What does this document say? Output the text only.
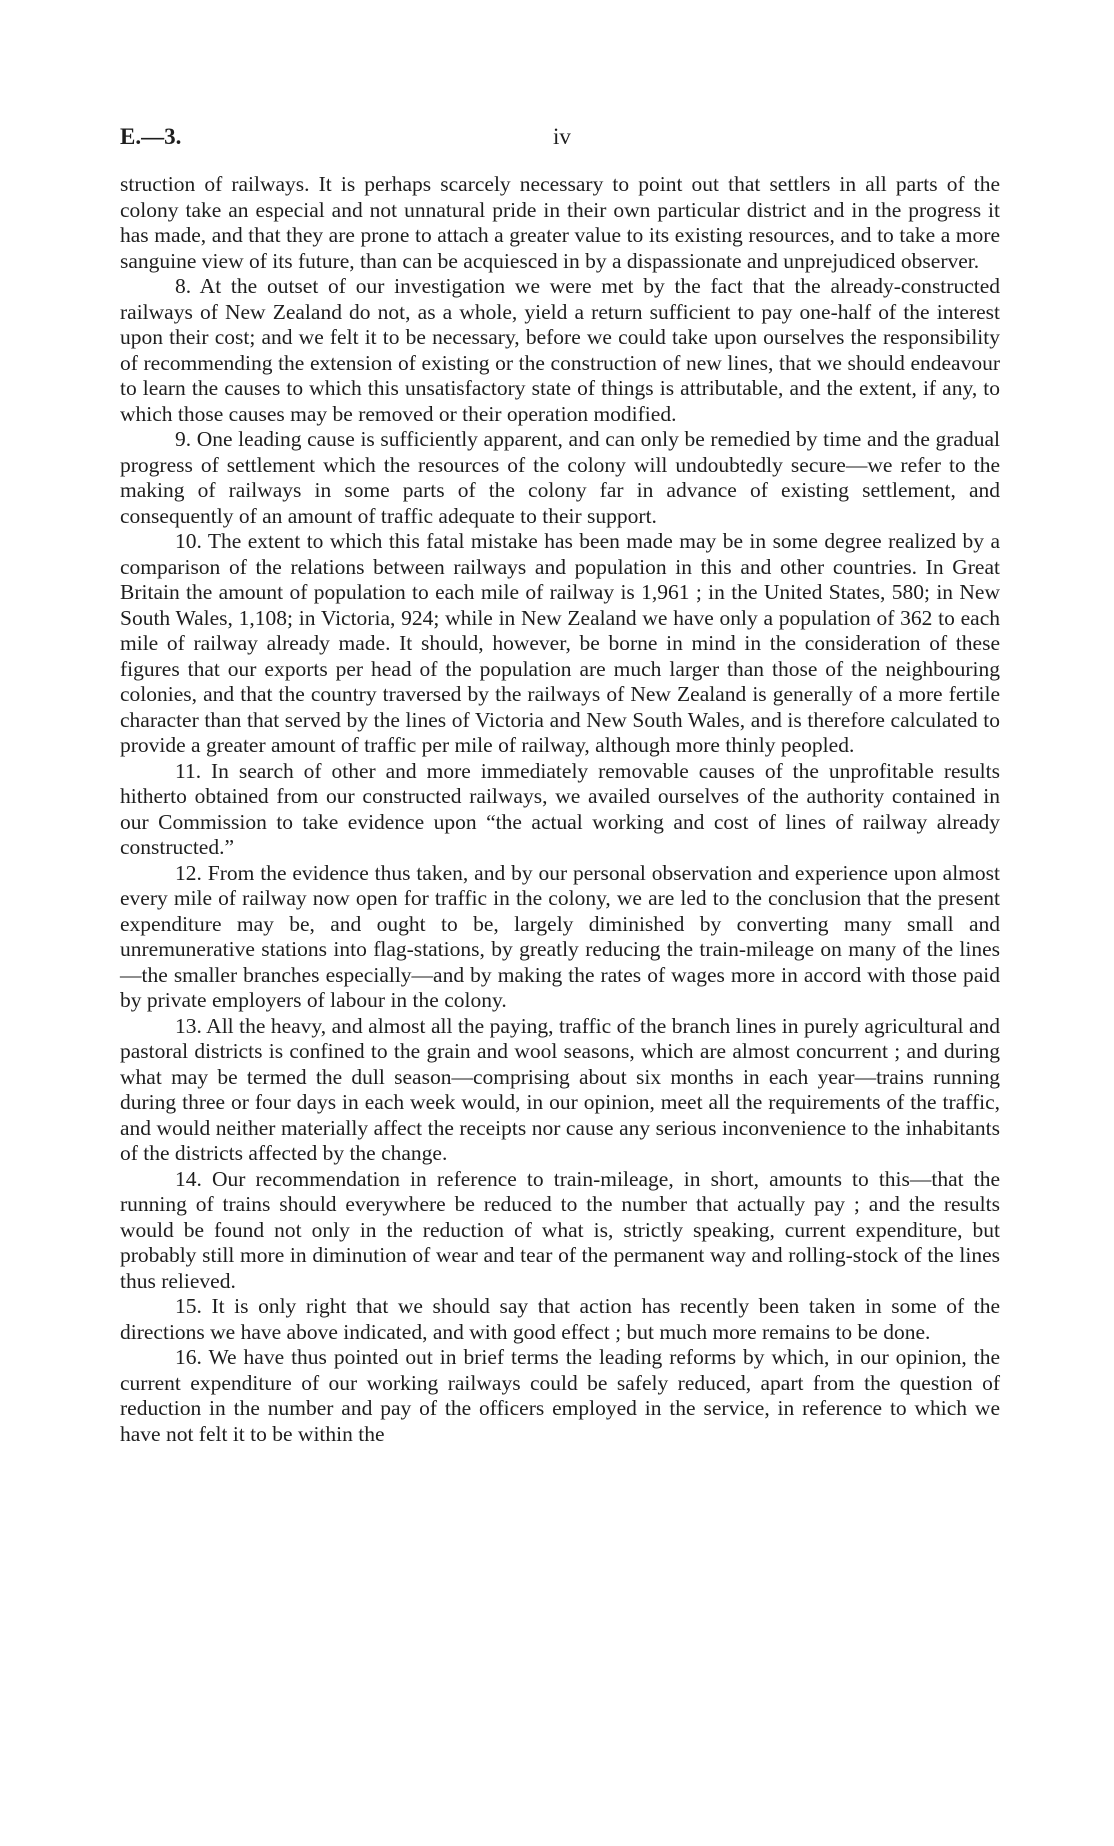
E.—3.	iv

struction of railways. It is perhaps scarcely necessary to point out that settlers in all parts of the colony take an especial and not unnatural pride in their own particular district and in the progress it has made, and that they are prone to attach a greater value to its existing resources, and to take a more sanguine view of its future, than can be acquiesced in by a dispassionate and unprejudiced observer.

8. At the outset of our investigation we were met by the fact that the already-constructed railways of New Zealand do not, as a whole, yield a return sufficient to pay one-half of the interest upon their cost; and we felt it to be necessary, before we could take upon ourselves the responsibility of recommending the extension of existing or the construction of new lines, that we should endeavour to learn the causes to which this unsatisfactory state of things is attributable, and the extent, if any, to which those causes may be removed or their operation modified.

9. One leading cause is sufficiently apparent, and can only be remedied by time and the gradual progress of settlement which the resources of the colony will undoubtedly secure—we refer to the making of railways in some parts of the colony far in advance of existing settlement, and consequently of an amount of traffic adequate to their support.

10. The extent to which this fatal mistake has been made may be in some degree realized by a comparison of the relations between railways and population in this and other countries. In Great Britain the amount of population to each mile of railway is 1,961 ; in the United States, 580; in New South Wales, 1,108; in Victoria, 924; while in New Zealand we have only a population of 362 to each mile of railway already made. It should, however, be borne in mind in the consideration of these figures that our exports per head of the population are much larger than those of the neighbouring colonies, and that the country traversed by the railways of New Zealand is generally of a more fertile character than that served by the lines of Victoria and New South Wales, and is therefore calculated to provide a greater amount of traffic per mile of railway, although more thinly peopled.

11. In search of other and more immediately removable causes of the unprofitable results hitherto obtained from our constructed railways, we availed ourselves of the authority contained in our Commission to take evidence upon “the actual working and cost of lines of railway already constructed.”

12. From the evidence thus taken, and by our personal observation and experience upon almost every mile of railway now open for traffic in the colony, we are led to the conclusion that the present expenditure may be, and ought to be, largely diminished by converting many small and unremunerative stations into flag-stations, by greatly reducing the train-mileage on many of the lines—the smaller branches especially—and by making the rates of wages more in accord with those paid by private employers of labour in the colony.

13. All the heavy, and almost all the paying, traffic of the branch lines in purely agricultural and pastoral districts is confined to the grain and wool seasons, which are almost concurrent ; and during what may be termed the dull season—comprising about six months in each year—trains running during three or four days in each week would, in our opinion, meet all the requirements of the traffic, and would neither materially affect the receipts nor cause any serious inconvenience to the inhabitants of the districts affected by the change.

14. Our recommendation in reference to train-mileage, in short, amounts to this—that the running of trains should everywhere be reduced to the number that actually pay ; and the results would be found not only in the reduction of what is, strictly speaking, current expenditure, but probably still more in diminution of wear and tear of the permanent way and rolling-stock of the lines thus relieved.

15. It is only right that we should say that action has recently been taken in some of the directions we have above indicated, and with good effect ; but much more remains to be done.

16. We have thus pointed out in brief terms the leading reforms by which, in our opinion, the current expenditure of our working railways could be safely reduced, apart from the question of reduction in the number and pay of the officers employed in the service, in reference to which we have not felt it to be within the
